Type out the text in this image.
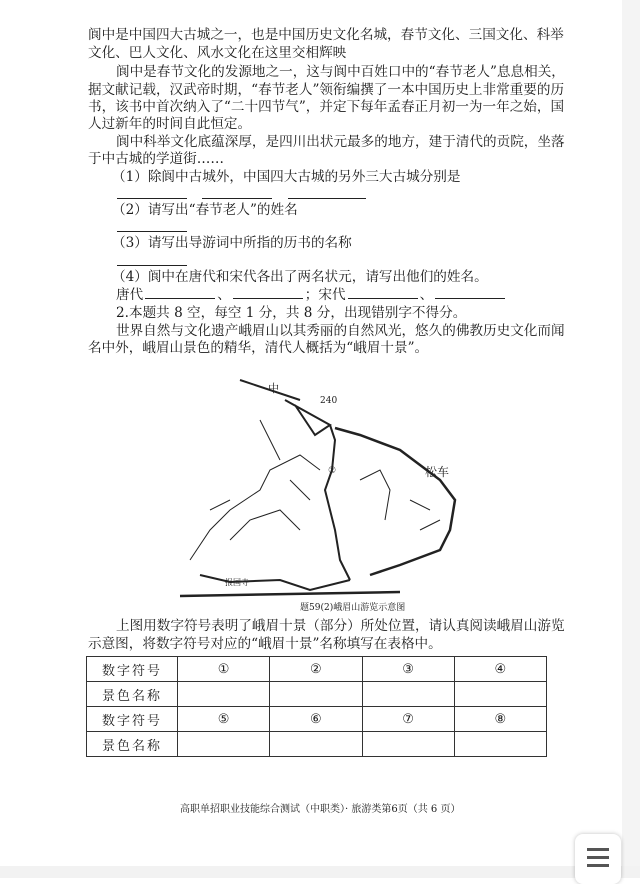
阆中是中国四大古城之一，也是中国历史文化名城，春节文化、三国文化、科举
文化、巴人文化、风水文化在这里交相辉映
阆中是春节文化的发源地之一，这与阆中百姓口中的“春节老人”息息相关，
据文献记载，汉武帝时期，“春节老人”领衔编撰了一本中国历史上非常重要的历
书，该书中首次纳入了“二十四节气”，并定下每年孟春正月初一为一年之始，国
人过新年的时间自此恒定。
阆中科举文化底蕴深厚，是四川出状元最多的地方，建于清代的贡院，坐落
于中古城的学道街……
（1）除阆中古城外，中国四大古城的另外三大古城分别是
（2）请写出“春节老人”的姓名
（3）请写出导游词中所指的历书的名称
（4）阆中在唐代和宋代各出了两名状元，请写出他们的姓名。
唐代	、	；宋代	、
2.本题共 8 空，每空 1 分，共 8 分，出现错别字不得分。
世界自然与文化遗产峨眉山以其秀丽的自然风光，悠久的佛教历史文化而闻
名中外，峨眉山景色的精华，清代人概括为“峨眉十景”。
中
240
松车
②
报国寺
题59(2)峨眉山游览示意图
上图用数字符号表明了峨眉十景（部分）所处位置，请认真阅读峨眉山游览
示意图，将数字符号对应的“峨眉十景”名称填写在表格中。
数字符号	①	②	③	④
景色名称				
数字符号	⑤	⑥	⑦	⑧
景色名称				
高职单招职业技能综合测试（中职类）· 旅游类第6页（共 6 页）
